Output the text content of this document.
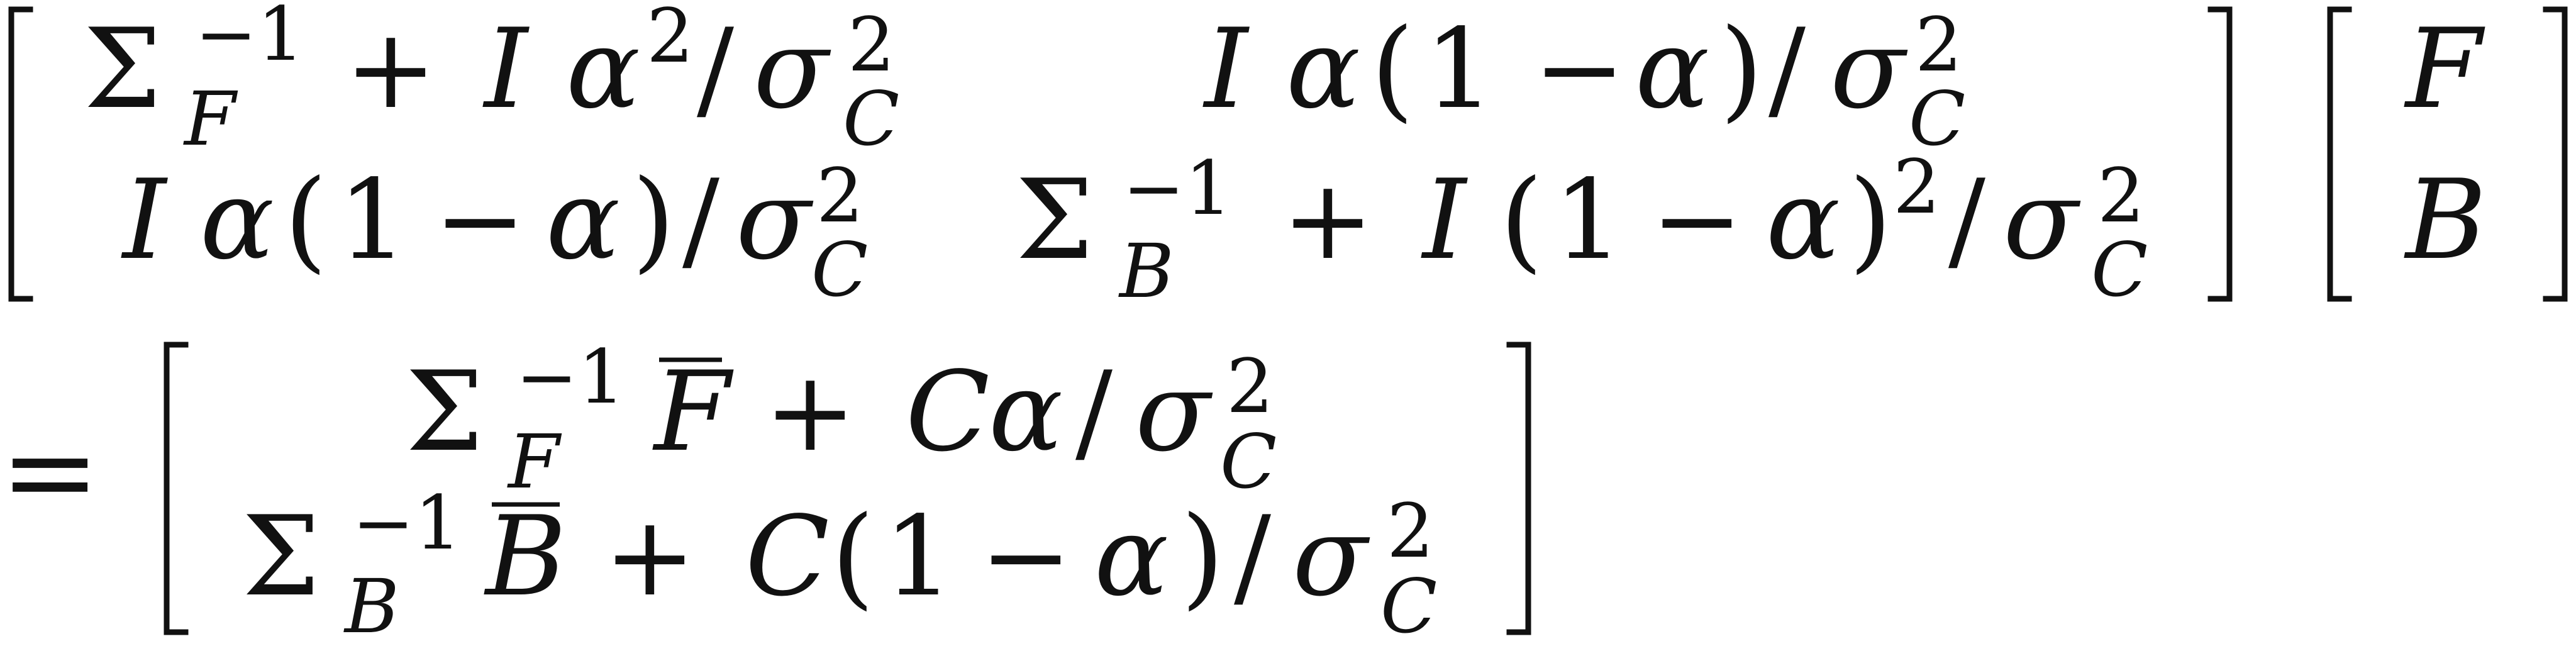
Σ F
−1 + I α 2 / σ 2
C	I α ( 1 − α ) / σ 2
C
I α ( 1 − α ) / σ 2
C Σ B
−1 + I ( 1 − α ) 2 / σ 2
C
F
B
=	Σ F
−1 F + C
α / σ 2
C
Σ B
−1 B + C ( 1 − α ) / σ 2
C
